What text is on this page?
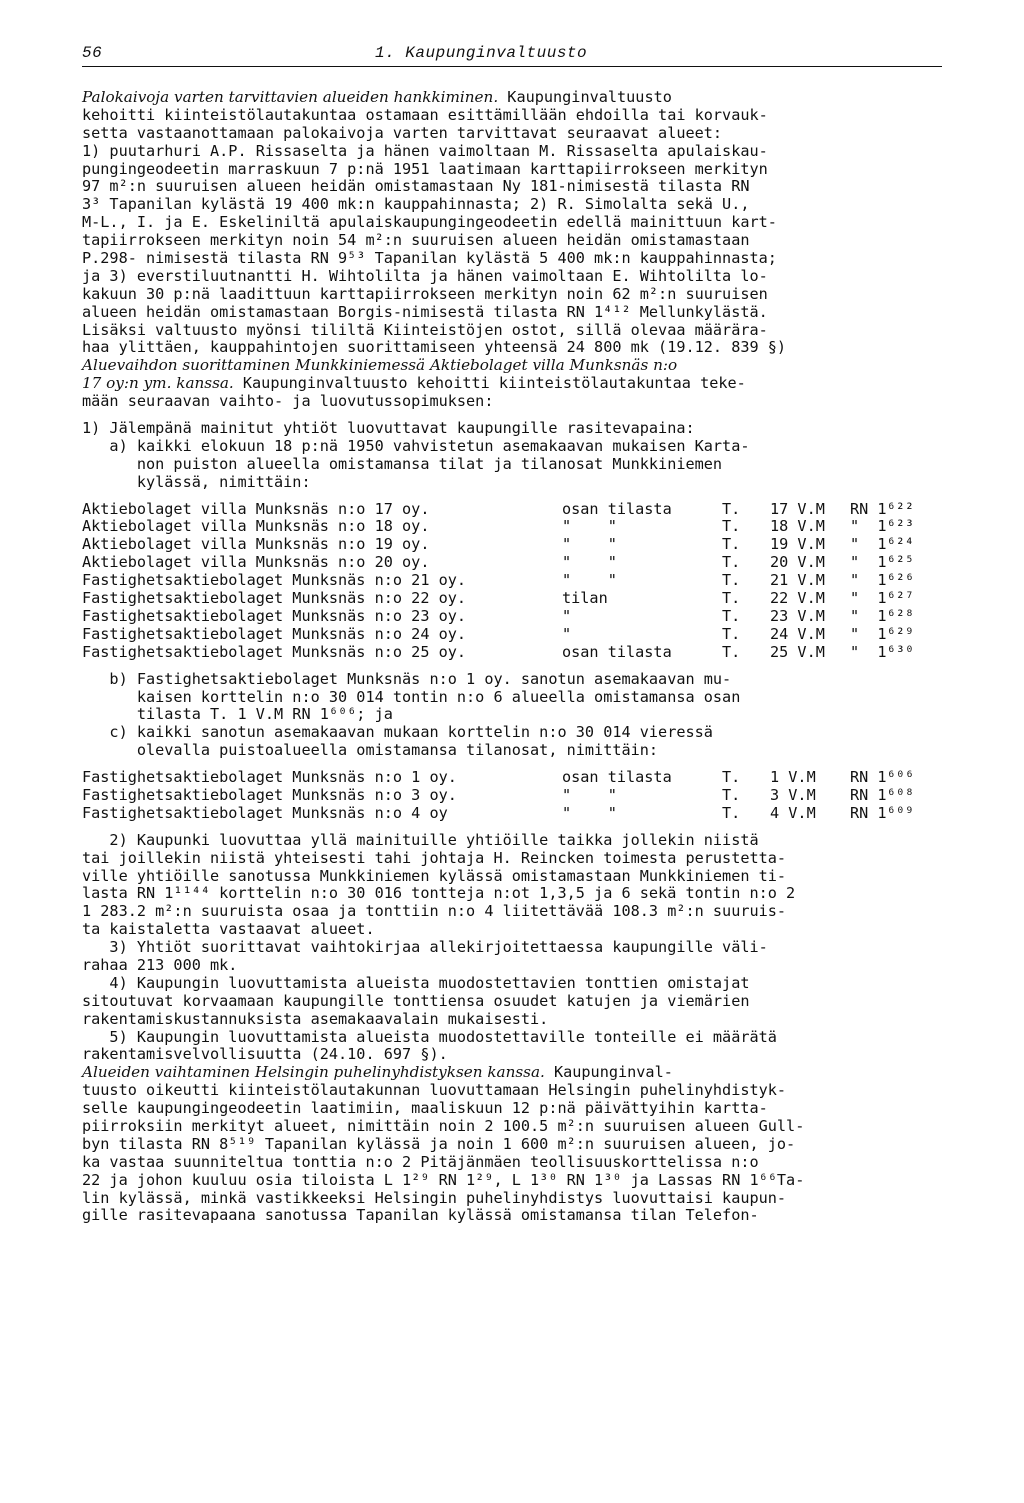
56	1. Kaupunginvaltuusto
Palokaivoja varten tarvittavien alueiden hankkiminen. Kaupunginvaltuusto
kehoitti kiinteistölautakuntaa ostamaan esittämillään ehdoilla tai korvauk-
setta vastaanottamaan palokaivoja varten tarvittavat seuraavat alueet:
1) puutarhuri A.P. Rissaselta ja hänen vaimoltaan M. Rissaselta apulaiskau-
pungingeodeetin marraskuun 7 p:nä 1951 laatimaan karttapiirrokseen merkityn
97 m²:n suuruisen alueen heidän omistamastaan Ny 181-nimisestä tilasta RN
3³ Tapanilan kylästä 19 400 mk:n kauppahinnasta; 2) R. Simolalta sekä U.,
M-L., I. ja E. Eskeliniltä apulaiskaupungingeodeetin edellä mainittuun kart-
tapiirrokseen merkityn noin 54 m²:n suuruisen alueen heidän omistamastaan
P.298- nimisestä tilasta RN 9⁵³ Tapanilan kylästä 5 400 mk:n kauppahinnasta;
ja 3) everstiluutnantti H. Wihtolilta ja hänen vaimoltaan E. Wihtolilta lo-
kakuun 30 p:nä laadittuun karttapiirrokseen merkityn noin 62 m²:n suuruisen
alueen heidän omistamastaan Borgis-nimisestä tilasta RN 1⁴¹² Mellunkylästä.
Lisäksi valtuusto myönsi tililtä Kiinteistöjen ostot, sillä olevaa määrära-
haa ylittäen, kauppahintojen suorittamiseen yhteensä 24 800 mk (19.12. 839 §)
Aluevaihdon suorittaminen Munkkiniemessä Aktiebolaget villa Munksnäs n:o
17 oy:n ym. kanssa. Kaupunginvaltuusto kehoitti kiinteistölautakuntaa teke-
mään seuraavan vaihto- ja luovutussopimuksen:
1) Jälempänä mainitut yhtiöt luovuttavat kaupungille rasitevapaina:
a) kaikki elokuun 18 p:nä 1950 vahvistetun asemakaavan mukaisen Karta-
non puiston alueella omistamansa tilat ja tilanosat Munkkiniemen
kylässä, nimittäin:
Aktiebolaget villa Munksnäs n:o 17 oy.	osan tilasta	T. 17 V.M RN 1⁶²²
Aktiebolaget villa Munksnäs n:o 18 oy.	"    "	T. 18 V.M "  1⁶²³
Aktiebolaget villa Munksnäs n:o 19 oy.	"    "	T. 19 V.M "  1⁶²⁴
Aktiebolaget villa Munksnäs n:o 20 oy.	"    "	T. 20 V.M "  1⁶²⁵
Fastighetsaktiebolaget Munksnäs n:o 21 oy.	"    "	T. 21 V.M "  1⁶²⁶
Fastighetsaktiebolaget Munksnäs n:o 22 oy.	tilan	T. 22 V.M "  1⁶²⁷
Fastighetsaktiebolaget Munksnäs n:o 23 oy.	"	T. 23 V.M "  1⁶²⁸
Fastighetsaktiebolaget Munksnäs n:o 24 oy.	"	T. 24 V.M "  1⁶²⁹
Fastighetsaktiebolaget Munksnäs n:o 25 oy.	osan tilasta	T. 25 V.M "  1⁶³⁰
b) Fastighetsaktiebolaget Munksnäs n:o 1 oy. sanotun asemakaavan mu-
kaisen korttelin n:o 30 014 tontin n:o 6 alueella omistamansa osan
tilasta T. 1 V.M RN 1⁶⁰⁶; ja
c) kaikki sanotun asemakaavan mukaan korttelin n:o 30 014 vieressä
olevalla puistoalueella omistamansa tilanosat, nimittäin:
Fastighetsaktiebolaget Munksnäs n:o 1 oy.	osan tilasta	T. 1 V.M RN 1⁶⁰⁶
Fastighetsaktiebolaget Munksnäs n:o 3 oy.	"    "	T. 3 V.M RN 1⁶⁰⁸
Fastighetsaktiebolaget Munksnäs n:o 4 oy	"    "	T. 4 V.M RN 1⁶⁰⁹
2) Kaupunki luovuttaa yllä mainituille yhtiöille taikka jollekin niistä
tai joillekin niistä yhteisesti tahi johtaja H. Reincken toimesta perustetta-
ville yhtiöille sanotussa Munkkiniemen kylässä omistamastaan Munkkiniemen ti-
lasta RN 1¹¹⁴⁴ korttelin n:o 30 016 tontteja n:ot 1,3,5 ja 6 sekä tontin n:o 2
1 283.2 m²:n suuruista osaa ja tonttiin n:o 4 liitettävää 108.3 m²:n suuruis-
ta kaistaletta vastaavat alueet.
3) Yhtiöt suorittavat vaihtokirjaa allekirjoitettaessa kaupungille väli-
rahaa 213 000 mk.
4) Kaupungin luovuttamista alueista muodostettavien tonttien omistajat
sitoutuvat korvaamaan kaupungille tonttiensa osuudet katujen ja viemärien
rakentamiskustannuksista asemakaavalain mukaisesti.
5) Kaupungin luovuttamista alueista muodostettaville tonteille ei määrätä
rakentamisvelvollisuutta (24.10. 697 §).
Alueiden vaihtaminen Helsingin puhelinyhdistyksen kanssa. Kaupunginval-
tuusto oikeutti kiinteistölautakunnan luovuttamaan Helsingin puhelinyhdistyk-
selle kaupungingeodeetin laatimiin, maaliskuun 12 p:nä päivättyihin kartta-
piirroksiin merkityt alueet, nimittäin noin 2 100.5 m²:n suuruisen alueen Gull-
byn tilasta RN 8⁵¹⁹ Tapanilan kylässä ja noin 1 600 m²:n suuruisen alueen, jo-
ka vastaa suunniteltua tonttia n:o 2 Pitäjänmäen teollisuuskorttelissa n:o
22 ja johon kuuluu osia tiloista L 1²⁹ RN 1²⁹, L 1³⁰ RN 1³⁰ ja Lassas RN 1⁶⁶Ta-
lin kylässä, minkä vastikkeeksi Helsingin puhelinyhdistys luovuttaisi kaupun-
gille rasitevapaana sanotussa Tapanilan kylässä omistamansa tilan Telefon-
